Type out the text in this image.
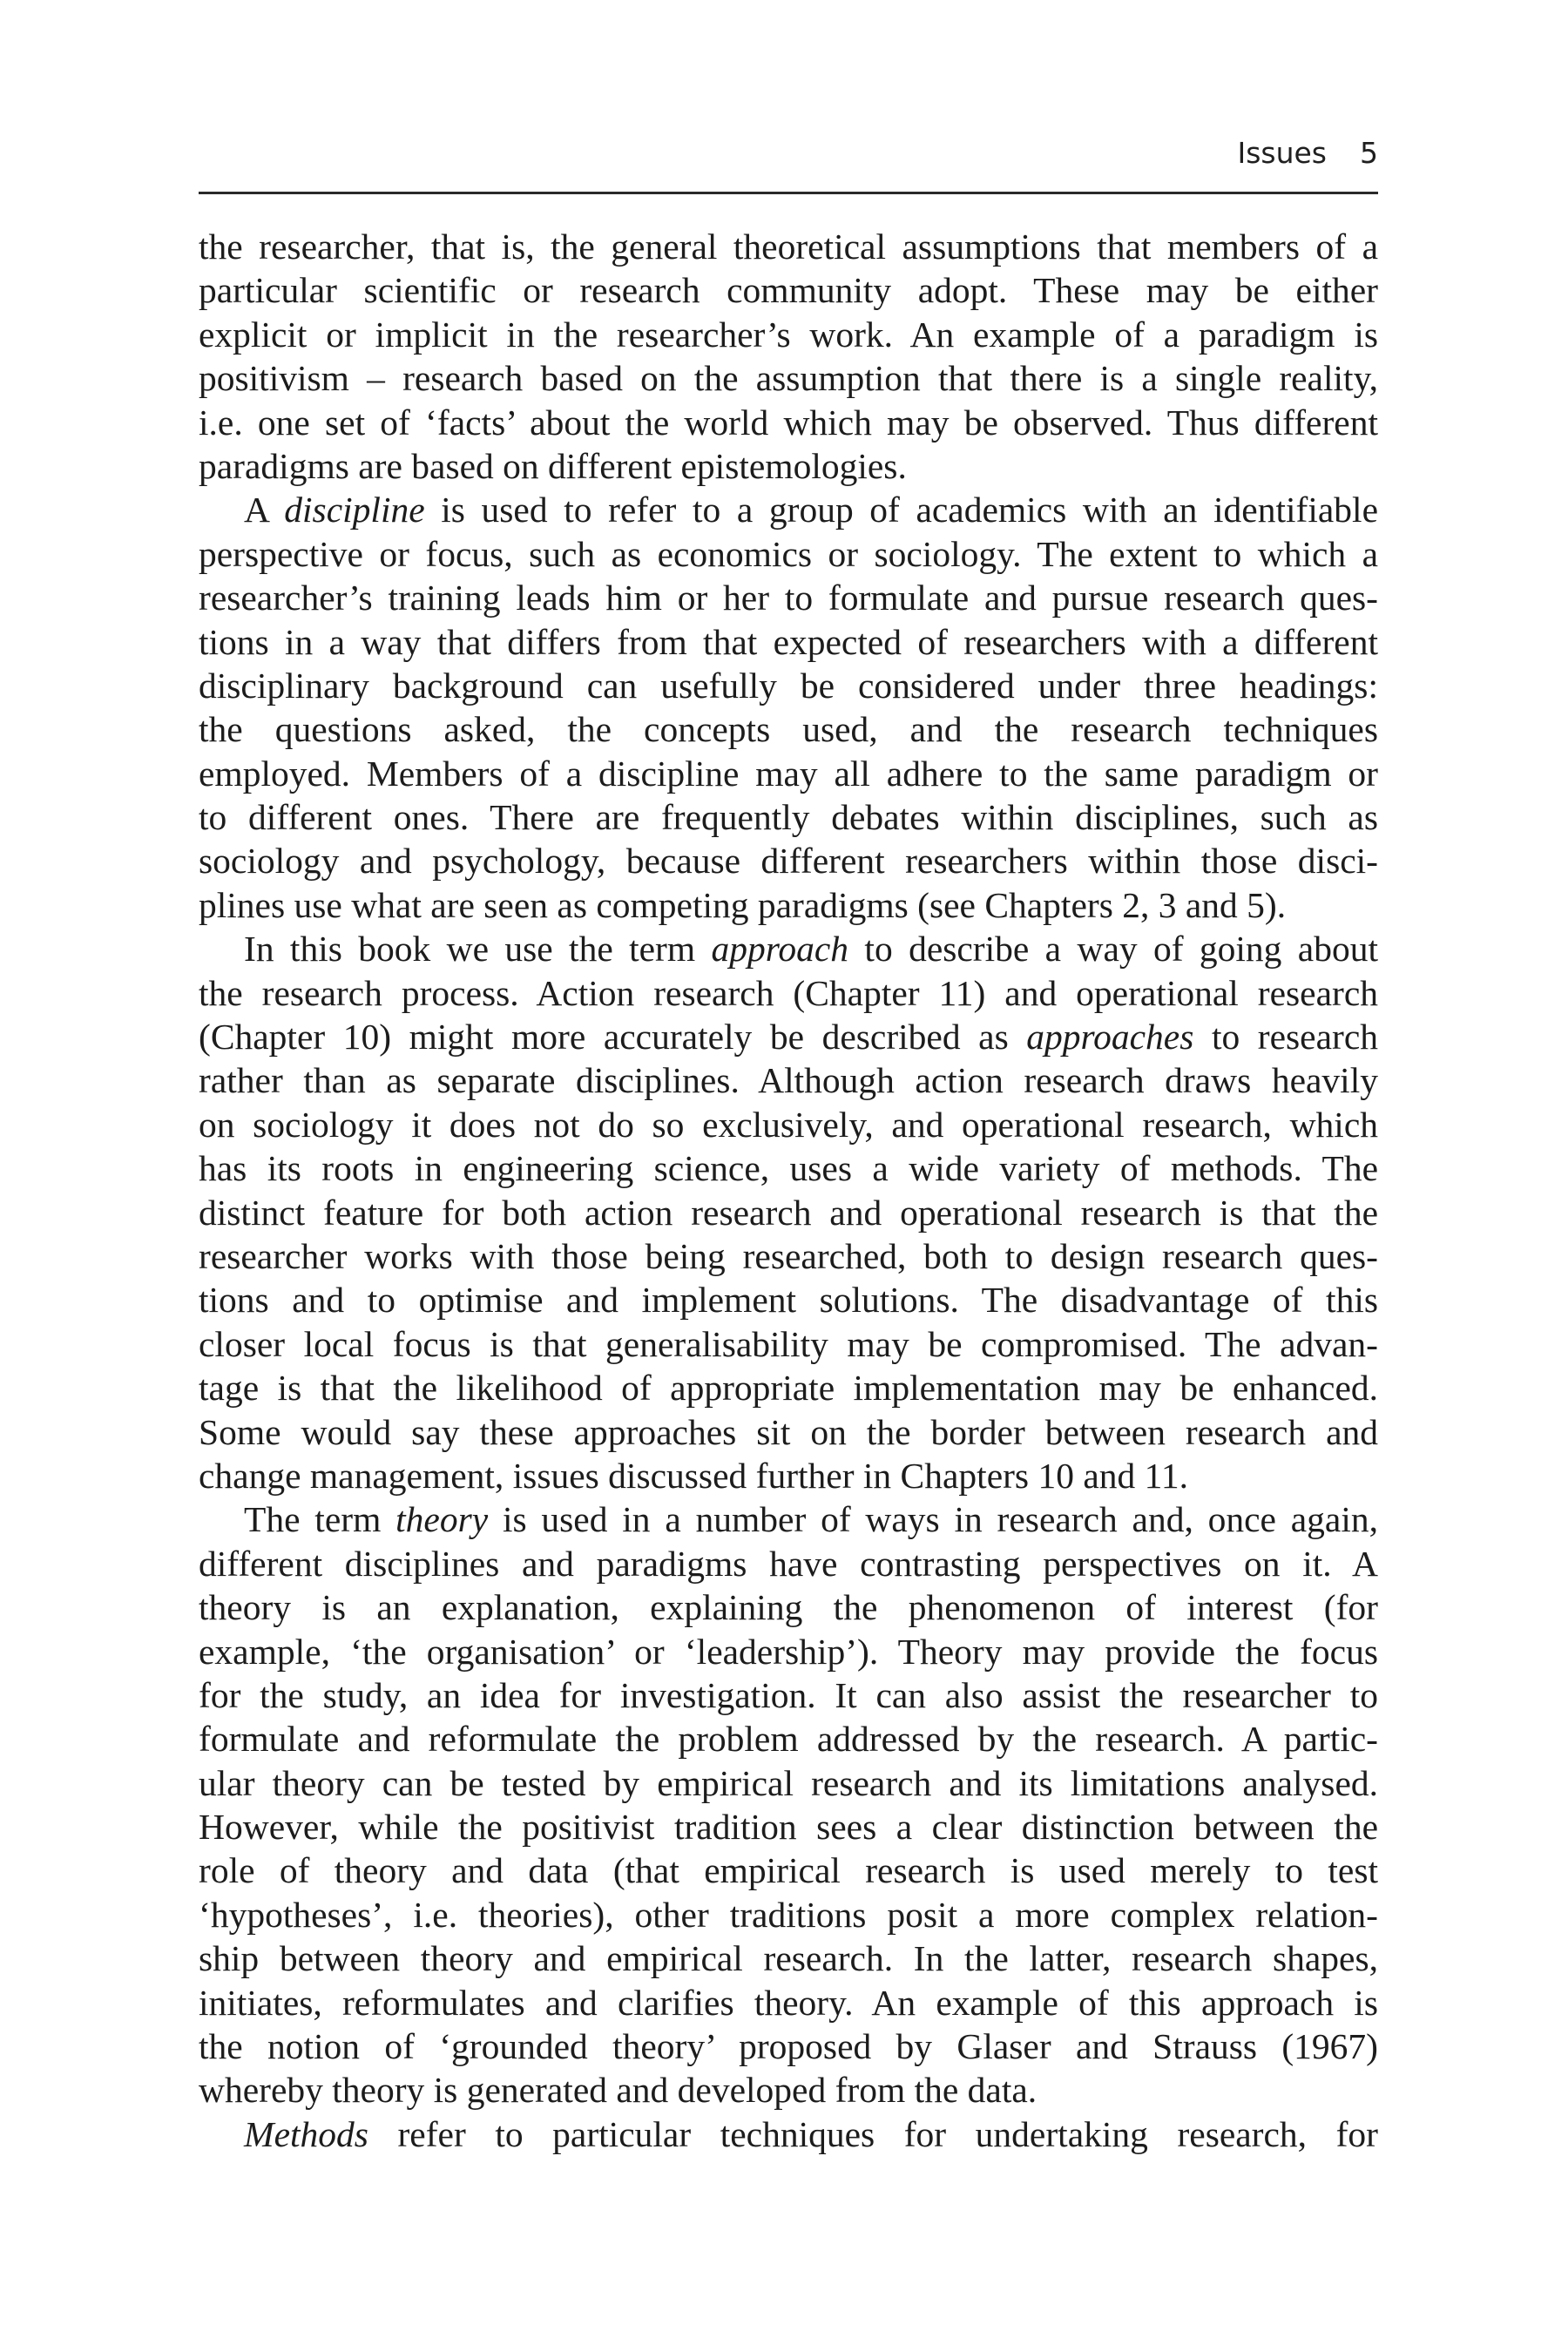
Issues 5
the researcher, that is, the general theoretical assumptions that members of a
particular scientific or research community adopt. These may be either
explicit or implicit in the researcher’s work. An example of a paradigm is
positivism – research based on the assumption that there is a single reality,
i.e. one set of ‘facts’ about the world which may be observed. Thus different
paradigms are based on different epistemologies.
A discipline is used to refer to a group of academics with an identifiable
perspective or focus, such as economics or sociology. The extent to which a
researcher’s training leads him or her to formulate and pursue research ques-
tions in a way that differs from that expected of researchers with a different
disciplinary background can usefully be considered under three headings:
the questions asked, the concepts used, and the research techniques
employed. Members of a discipline may all adhere to the same paradigm or
to different ones. There are frequently debates within disciplines, such as
sociology and psychology, because different researchers within those disci-
plines use what are seen as competing paradigms (see Chapters 2, 3 and 5).
In this book we use the term approach to describe a way of going about
the research process. Action research (Chapter 11) and operational research
(Chapter 10) might more accurately be described as approaches to research
rather than as separate disciplines. Although action research draws heavily
on sociology it does not do so exclusively, and operational research, which
has its roots in engineering science, uses a wide variety of methods. The
distinct feature for both action research and operational research is that the
researcher works with those being researched, both to design research ques-
tions and to optimise and implement solutions. The disadvantage of this
closer local focus is that generalisability may be compromised. The advan-
tage is that the likelihood of appropriate implementation may be enhanced.
Some would say these approaches sit on the border between research and
change management, issues discussed further in Chapters 10 and 11.
The term theory is used in a number of ways in research and, once again,
different disciplines and paradigms have contrasting perspectives on it. A
theory is an explanation, explaining the phenomenon of interest (for
example, ‘the organisation’ or ‘leadership’). Theory may provide the focus
for the study, an idea for investigation. It can also assist the researcher to
formulate and reformulate the problem addressed by the research. A partic-
ular theory can be tested by empirical research and its limitations analysed.
However, while the positivist tradition sees a clear distinction between the
role of theory and data (that empirical research is used merely to test
‘hypotheses’, i.e. theories), other traditions posit a more complex relation-
ship between theory and empirical research. In the latter, research shapes,
initiates, reformulates and clarifies theory. An example of this approach is
the notion of ‘grounded theory’ proposed by Glaser and Strauss (1967)
whereby theory is generated and developed from the data.
Methods refer to particular techniques for undertaking research, for
